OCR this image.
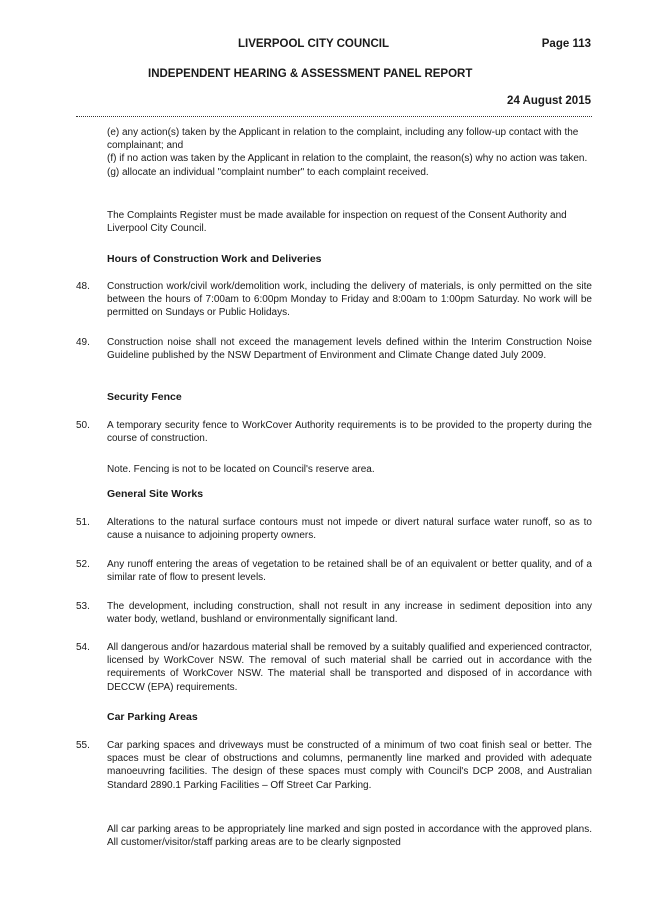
LIVERPOOL CITY COUNCIL	Page 113
INDEPENDENT HEARING & ASSESSMENT PANEL REPORT
24 August 2015

(e) any action(s) taken by the Applicant in relation to the complaint, including any follow-up contact with the complainant; and

(f) if no action was taken by the Applicant in relation to the complaint, the reason(s) why no action was taken.

(g) allocate an individual "complaint number" to each complaint received.

The Complaints Register must be made available for inspection on request of the Consent Authority and Liverpool City Council.

Hours of Construction Work and Deliveries
48.	Construction work/civil work/demolition work, including the delivery of materials, is only permitted on the site between the hours of 7:00am to 6:00pm Monday to Friday and 8:00am to 1:00pm Saturday. No work will be permitted on Sundays or Public Holidays.

49.	Construction noise shall not exceed the management levels defined within the Interim Construction Noise Guideline published by the NSW Department of Environment and Climate Change dated July 2009.

Security Fence
50.	A temporary security fence to WorkCover Authority requirements is to be provided to the property during the course of construction.

Note. Fencing is not to be located on Council's reserve area.

General Site Works
51.	Alterations to the natural surface contours must not impede or divert natural surface water runoff, so as to cause a nuisance to adjoining property owners.

52.	Any runoff entering the areas of vegetation to be retained shall be of an equivalent or better quality, and of a similar rate of flow to present levels.

53.	The development, including construction, shall not result in any increase in sediment deposition into any water body, wetland, bushland or environmentally significant land.

54.	All dangerous and/or hazardous material shall be removed by a suitably qualified and experienced contractor, licensed by WorkCover NSW. The removal of such material shall be carried out in accordance with the requirements of WorkCover NSW. The material shall be transported and disposed of in accordance with DECCW (EPA) requirements.

Car Parking Areas
55.	Car parking spaces and driveways must be constructed of a minimum of two coat finish seal or better. The spaces must be clear of obstructions and columns, permanently line marked and provided with adequate manoeuvring facilities. The design of these spaces must comply with Council's DCP 2008, and Australian Standard 2890.1 Parking Facilities – Off Street Car Parking.

All car parking areas to be appropriately line marked and sign posted in accordance with the approved plans. All customer/visitor/staff parking areas are to be clearly signposted
